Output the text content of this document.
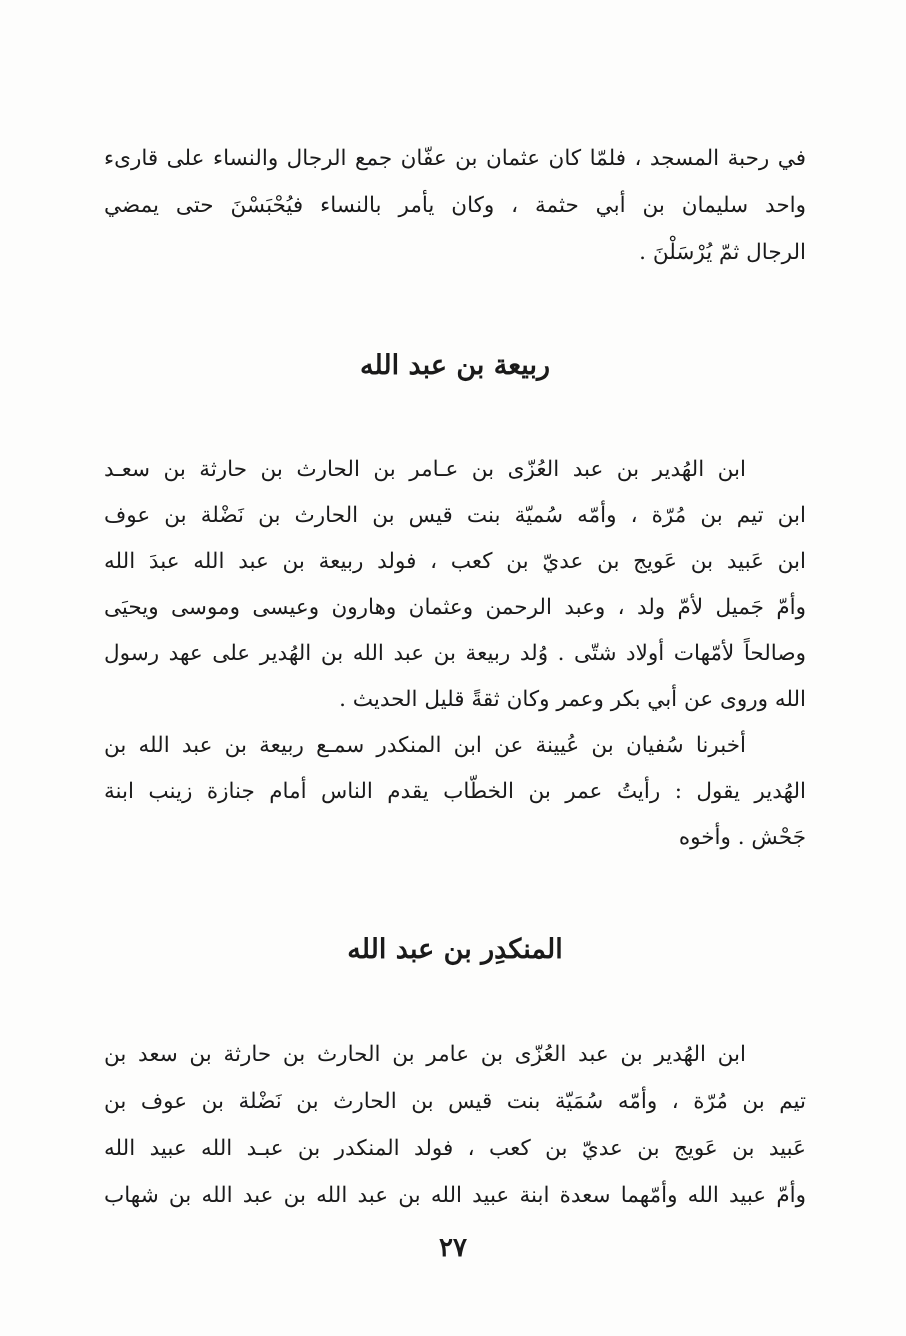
في رحبة المسجد ، فلمّا كان عثمان بن عفّان جمع الرجال والنساء على قارىء
واحد سليمان بن أبي حثمة ، وكان يأمر بالنساء فيُحْبَسْنَ حتى يمضي
الرجال ثمّ يُرْسَلْنَ .
ربيعة بن عبد الله
ابن الهُدير بن عبد العُزّى بن عـامر بن الحارث بن حارثة بن سعـد
ابن تيم بن مُرّة ، وأمّه سُميّة بنت قيس بن الحارث بن نَضْلة بن عوف
ابن عَبيد بن عَويج بن عديّ بن كعب ، فولد ربيعة بن عبد الله عبدَ الله
وأمّ جَميل لأمّ ولد ، وعبد الرحمن وعثمان وهارون وعيسى وموسى ويحيَى
وصالحاً لأمّهات أولاد شتّى . وُلد ربيعة بن عبد الله بن الهُدير على عهد رسول
الله وروى عن أبي بكر وعمر وكان ثقةً قليل الحديث .
أخبرنا سُفيان بن عُيينة عن ابن المنكدر سمـع ربيعة بن عبد الله بن
الهُدير يقول : رأيتُ عمر بن الخطّاب يقدم الناس أمام جنازة زينب ابنة
جَحْش . وأخوه
المنكدِر بن عبد الله
ابن الهُدير بن عبد العُزّى بن عامر بن الحارث بن حارثة بن سعد بن
تيم بن مُرّة ، وأمّه سُمَيّة بنت قيس بن الحارث بن نَضْلة بن عوف بن
عَبيد بن عَويج بن عديّ بن كعب ، فولد المنكدر بن عبـد الله عبيد الله
وأمّ عبيد الله وأمّهما سعدة ابنة عبيد الله بن عبد الله بن عبد الله بن شهاب
٢٧
